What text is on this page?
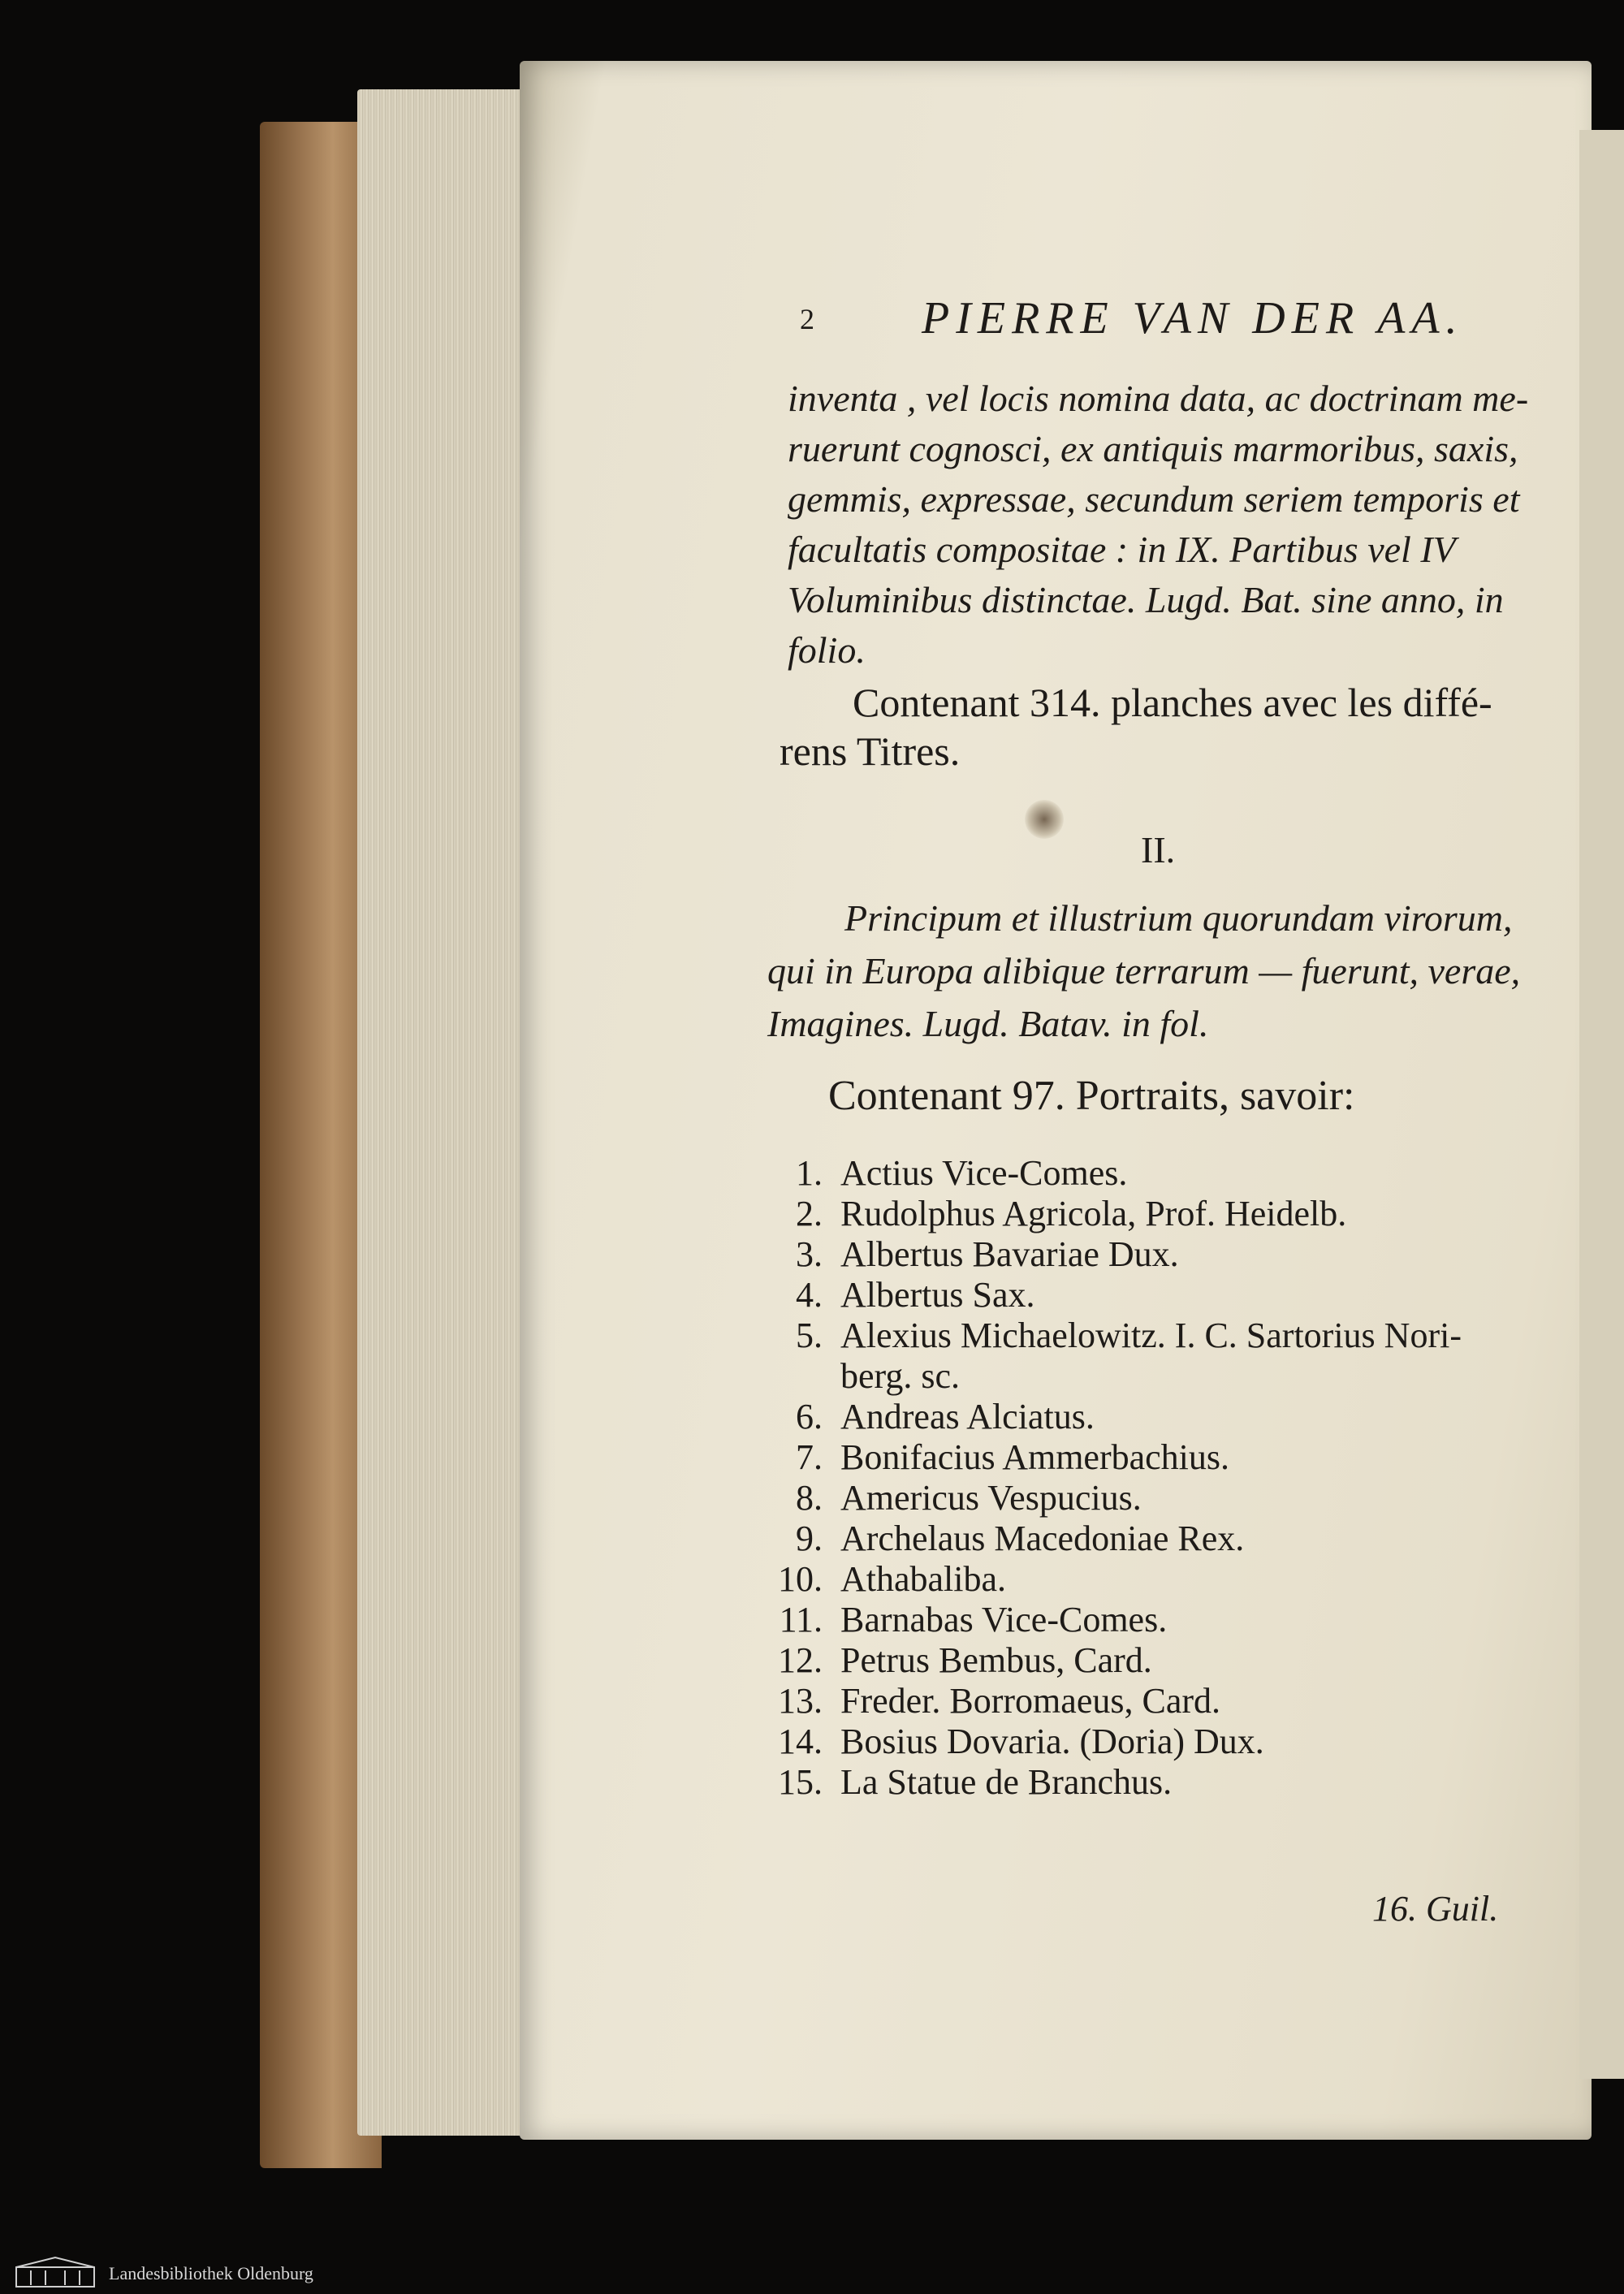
2 PIERRE VAN DER AA.
inventa , vel locis nomina data, ac doctrinam me-
ruerunt cognosci, ex antiquis marmoribus, saxis,
gemmis, expressae, secundum seriem temporis et
facultatis compositae : in IX. Partibus vel IV
Voluminibus distinctae. Lugd. Bat. sine anno, in
folio.
Contenant 314. planches avec les diffé-
rens Titres.
II.
Principum et illustrium quorundam virorum,
qui in Europa alibique terrarum — fuerunt, verae,
Imagines. Lugd. Batav. in fol.
Contenant 97. Portraits, savoir:
1. Actius Vice-Comes.
2. Rudolphus Agricola, Prof. Heidelb.
3. Albertus Bavariae Dux.
4. Albertus Sax.
5. Alexius Michaelowitz. I. C. Sartorius Nori-
berg. sc.
6. Andreas Alciatus.
7. Bonifacius Ammerbachius.
8. Americus Vespucius.
9. Archelaus Macedoniae Rex.
10. Athabaliba.
11. Barnabas Vice-Comes.
12. Petrus Bembus, Card.
13. Freder. Borromaeus, Card.
14. Bosius Dovaria. (Doria) Dux.
15. La Statue de Branchus.
16. Guil.
Landesbibliothek Oldenburg
